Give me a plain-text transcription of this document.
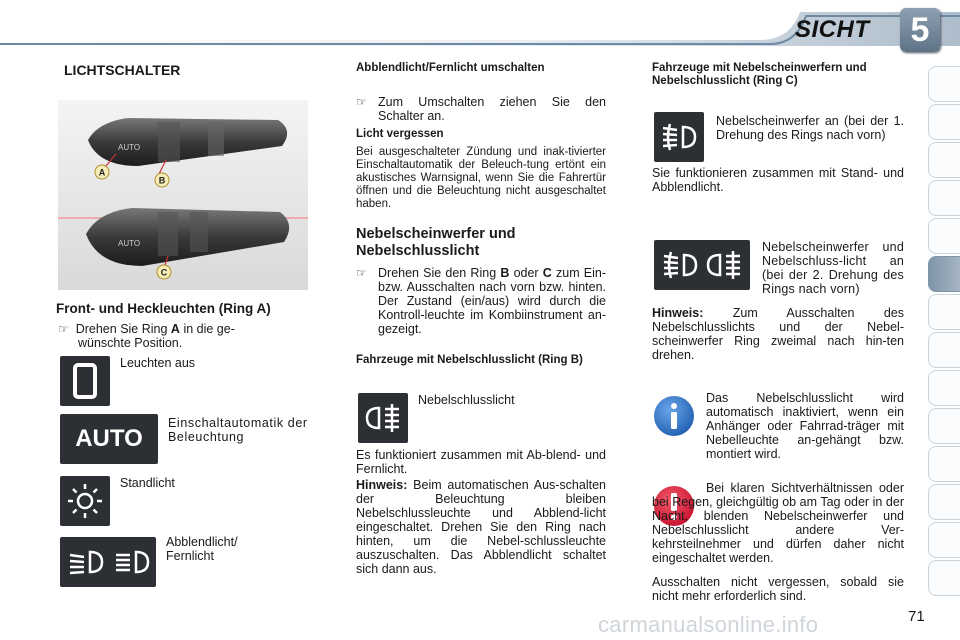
SICHT	5
LICHTSCHALTER
AUTO
AUTO
A
B
C
Front- und Heckleuchten (Ring A)
☞ Drehen Sie Ring A in die ge-
wünschte Position.
Leuchten aus
AUTO
Einschaltautomatik der Beleuchtung
Standlicht
Abblendlicht/ Fernlicht
Abblendlicht/Fernlicht umschalten
☞ Zum Umschalten ziehen Sie den Schalter an.
Licht vergessen
Bei ausgeschalteter Zündung und inak-tivierter Einschaltautomatik der Beleuch-tung ertönt ein akustisches Warnsignal, wenn Sie die Fahrertür öffnen und die Beleuchtung nicht ausgeschaltet haben.
Nebelscheinwerfer und Nebelschlusslicht
☞ Drehen Sie den Ring B oder C zum Ein- bzw. Ausschalten nach vorn bzw. hinten. Der Zustand (ein/aus) wird durch die Kontroll-leuchte im Kombiinstrument an-gezeigt.
Fahrzeuge mit Nebelschlusslicht (Ring B)
Nebelschlusslicht
Es funktioniert zusammen mit Ab-blend- und Fernlicht.
Hinweis: Beim automatischen Aus-schalten der Beleuchtung bleiben Nebelschlussleuchte und Abblend-licht eingeschaltet. Drehen Sie den Ring nach hinten, um die Nebel-schlussleuchte auszuschalten. Das Abblendlicht schaltet sich dann aus.
Fahrzeuge mit Nebelscheinwerfern und Nebelschlusslicht (Ring C)
Nebelscheinwerfer an (bei der 1. Drehung des Rings nach vorn)
Sie funktionieren zusammen mit Stand- und Abblendlicht.
Nebelscheinwerfer und Nebelschluss-licht an (bei der 2. Drehung des Rings nach vorn)
Hinweis: Zum Ausschalten des Nebelschlusslichts und der Nebel-scheinwerfer Ring zweimal nach hin-ten drehen.
Das Nebelschlusslicht wird automatisch inaktiviert, wenn ein Anhänger oder Fahrrad-träger mit Nebelleuchte an-gehängt bzw. montiert wird.
Bei klaren Sichtverhältnissen oder bei Regen, gleichgültig ob am Tag oder in der Nacht, blenden Nebelscheinwerfer und Nebelschlusslicht andere Ver-kehrsteilnehmer und dürfen daher nicht eingeschaltet werden.
Ausschalten nicht vergessen, sobald sie nicht mehr erforderlich sind.
carmanualsonline.info	71
